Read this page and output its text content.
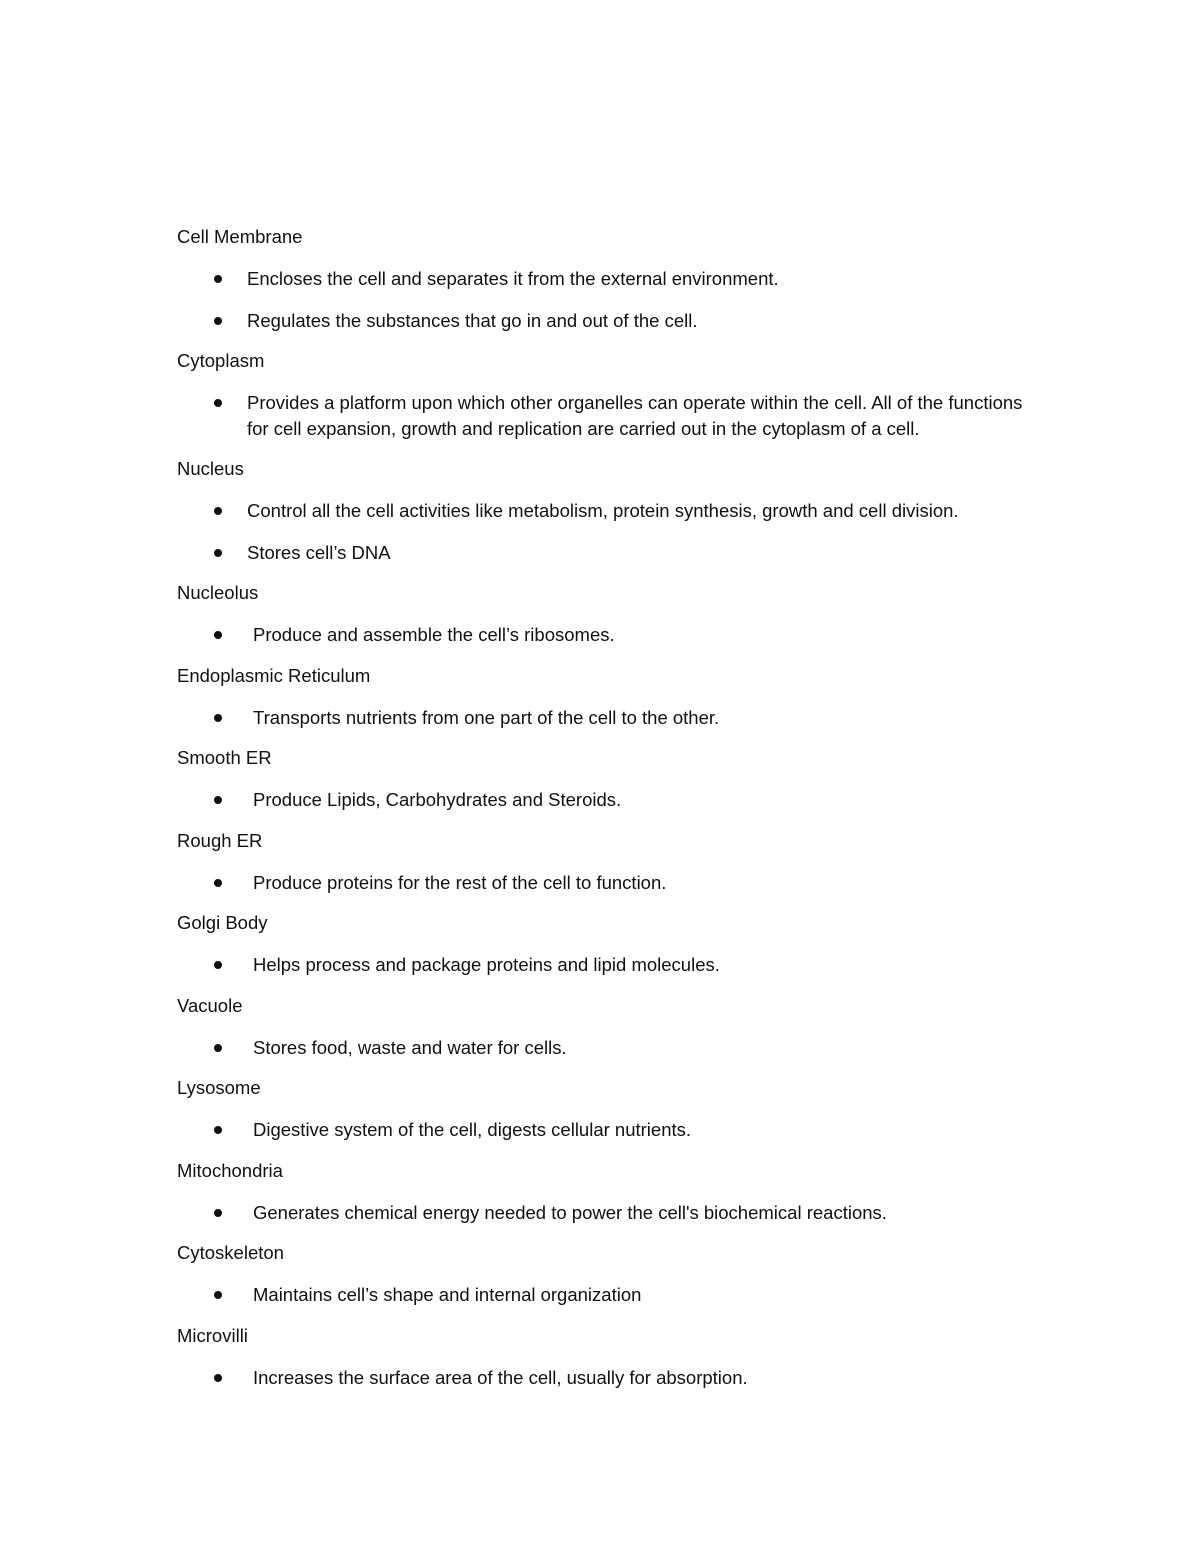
Cell Membrane
Encloses the cell and separates it from the external environment.
Regulates the substances that go in and out of the cell.
Cytoplasm
Provides a platform upon which other organelles can operate within the cell. All of the functions for cell expansion, growth and replication are carried out in the cytoplasm of a cell.
Nucleus
Control all the cell activities like metabolism, protein synthesis, growth and cell division.
Stores cell’s DNA
Nucleolus
Produce and assemble the cell’s ribosomes.
Endoplasmic Reticulum
Transports nutrients from one part of the cell to the other.
Smooth ER
Produce Lipids, Carbohydrates and Steroids.
Rough ER
Produce proteins for the rest of the cell to function.
Golgi Body
Helps process and package proteins and lipid molecules.
Vacuole
Stores food, waste and water for cells.
Lysosome
Digestive system of the cell, digests cellular nutrients.
Mitochondria
Generates chemical energy needed to power the cell's biochemical reactions.
Cytoskeleton
Maintains cell’s shape and internal organization
Microvilli
Increases the surface area of the cell, usually for absorption.
